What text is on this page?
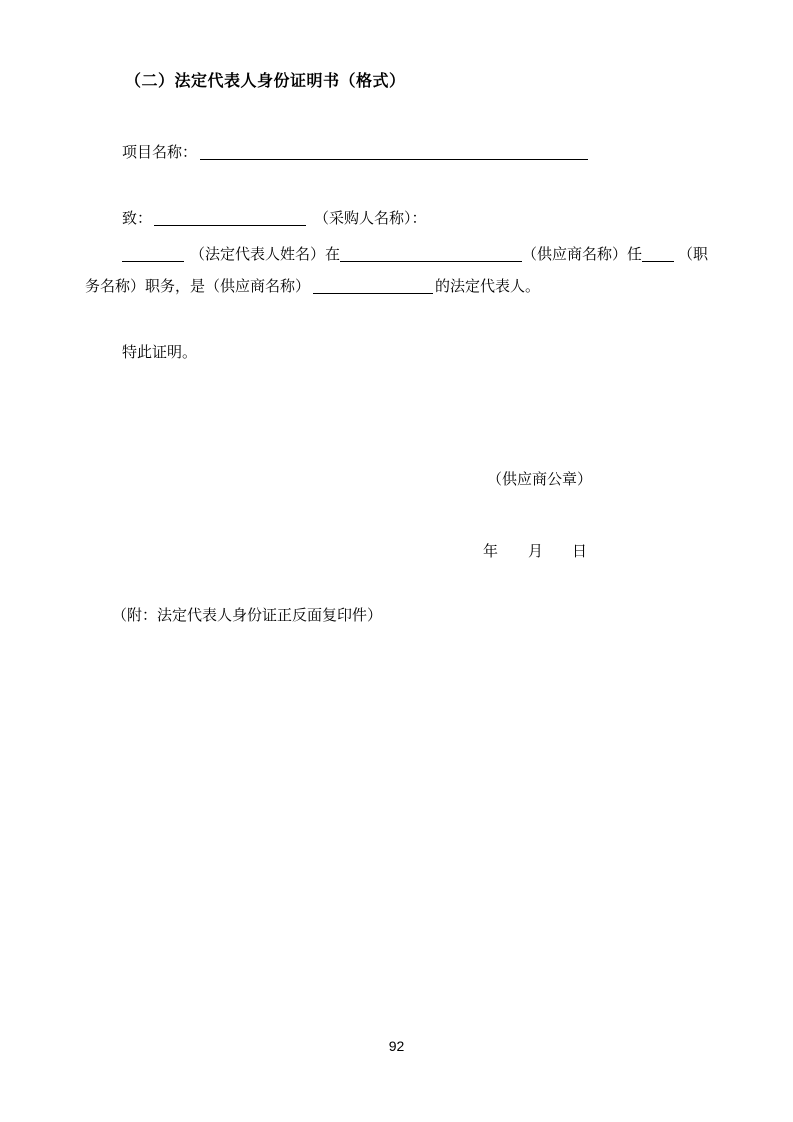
（二）法定代表人身份证明书（格式）
项目名称：
致：	（采购人名称）：
（法定代表人姓名）在	（供应商名称）任 （职
务名称）职务，是（供应商名称）	的法定代表人。
特此证明。
（供应商公章）
年 月 日
（附：法定代表人身份证正反面复印件）
92
